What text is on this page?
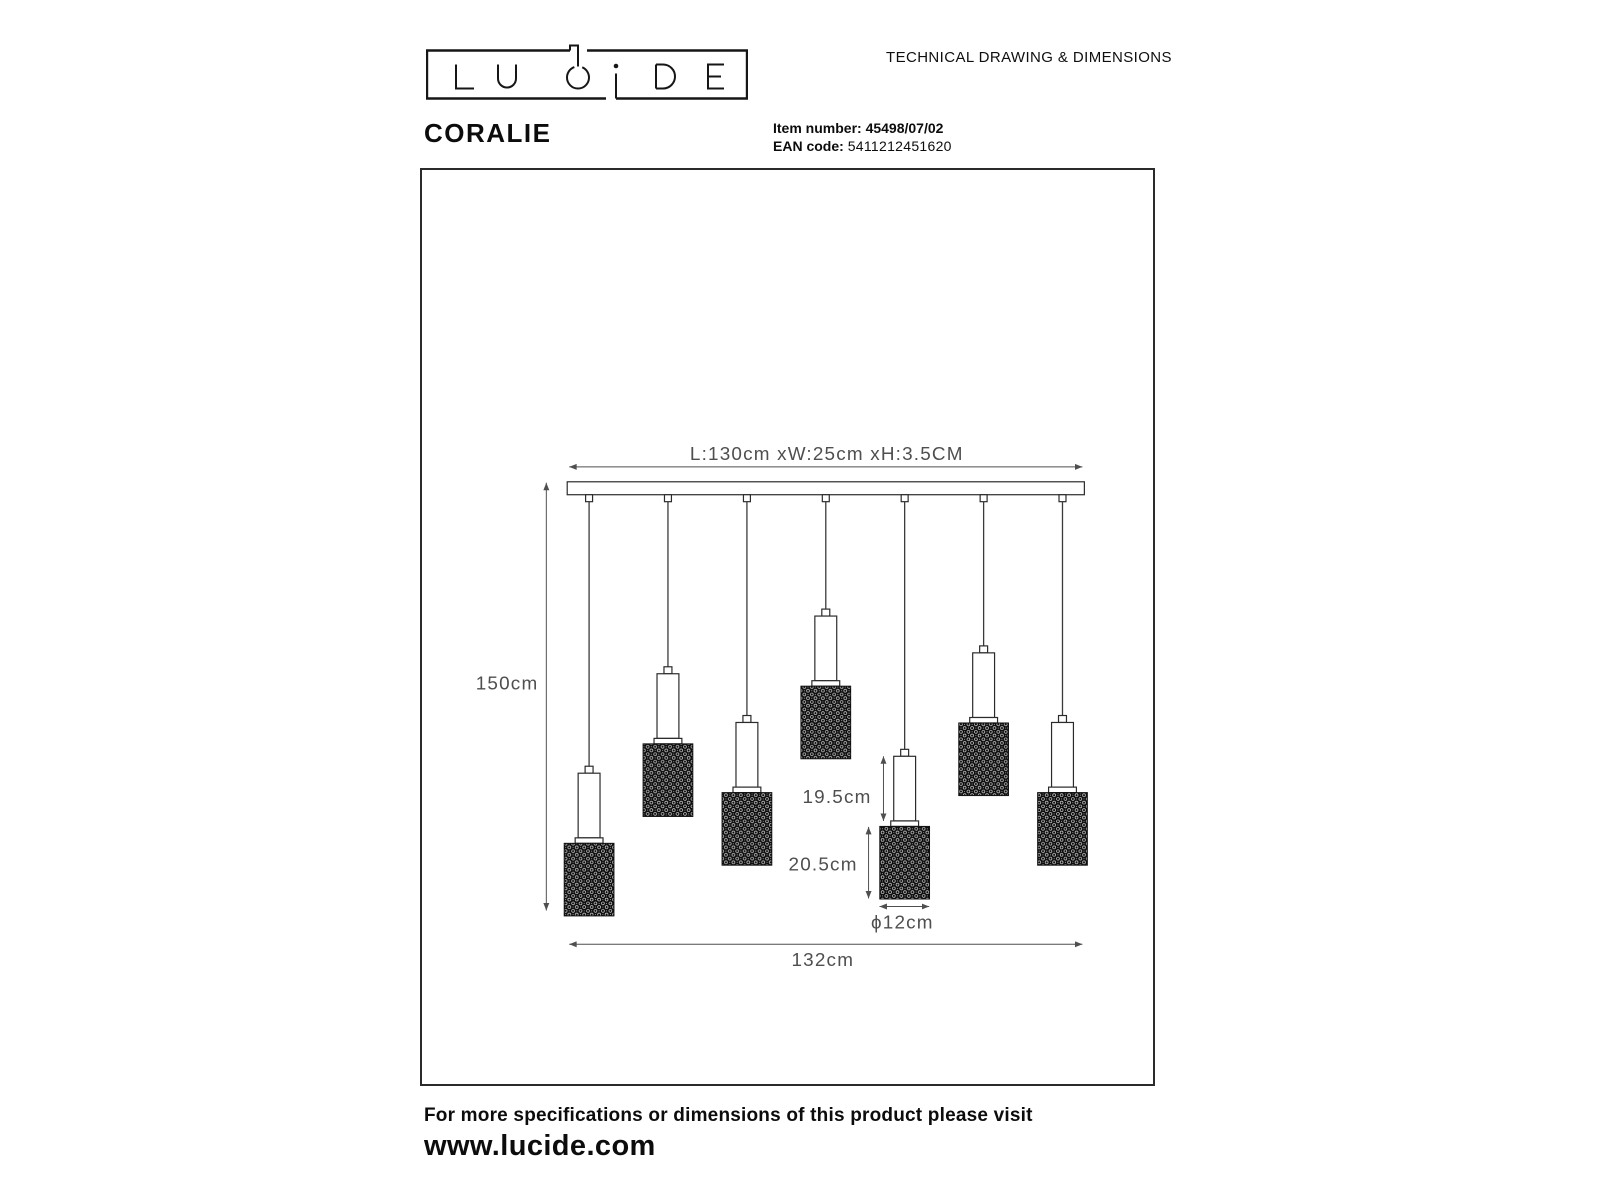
TECHNICAL DRAWING & DIMENSIONS
CORALIE	Item number: 45498/07/02
EAN code: 5411212451620
L:130cm xW:25cm xH:3.5CM
150cm
19.5cm
20.5cm
ϕ12cm
132cm
For more specifications or dimensions of this product please visit
www.lucide.com
